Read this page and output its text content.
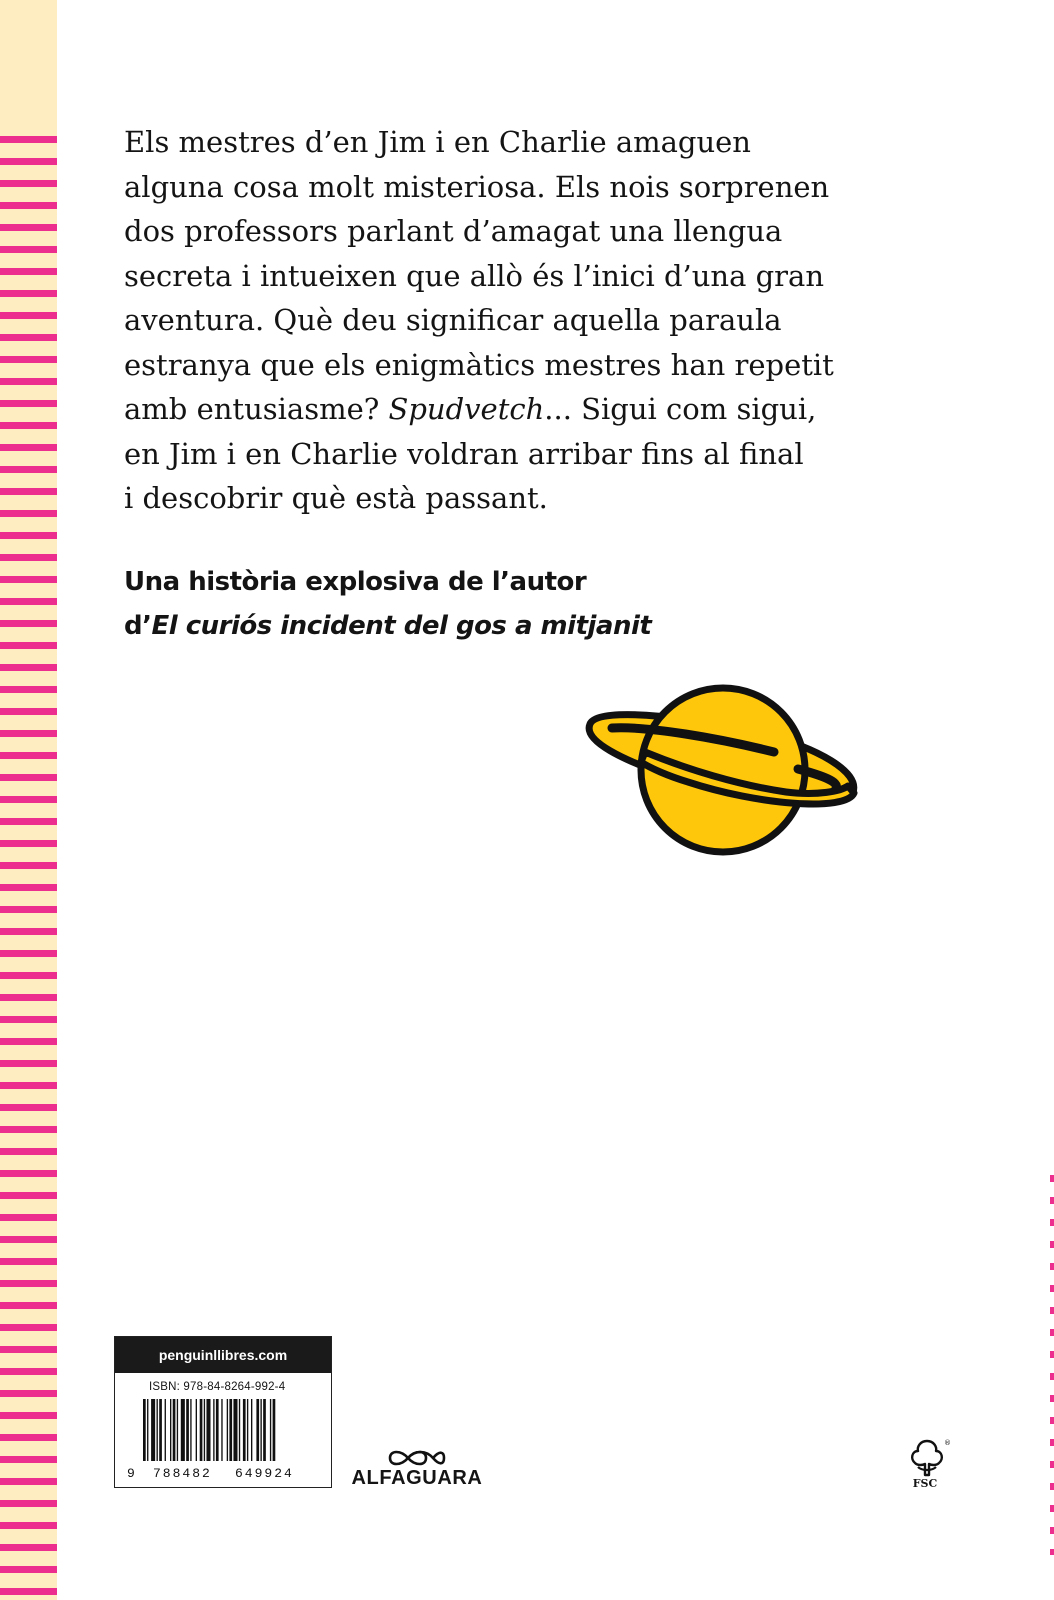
Els mestres d’en Jim i en Charlie amaguen
alguna cosa molt misteriosa. Els nois sorprenen
dos professors parlant d’amagat una llengua
secreta i intueixen que allò és l’inici d’una gran
aventura. Què deu significar aquella paraula
estranya que els enigmàtics mestres han repetit
amb entusiasme? Spudvetch... Sigui com sigui,
en Jim i en Charlie voldran arribar fins al final
i descobrir què està passant.
Una història explosiva de l’autor
d’El curiós incident del gos a mitjanit
penguinllibres.com
ISBN: 978-84-8264-992-4
9 788482 649924	ALFAGUARA
®
FSC
